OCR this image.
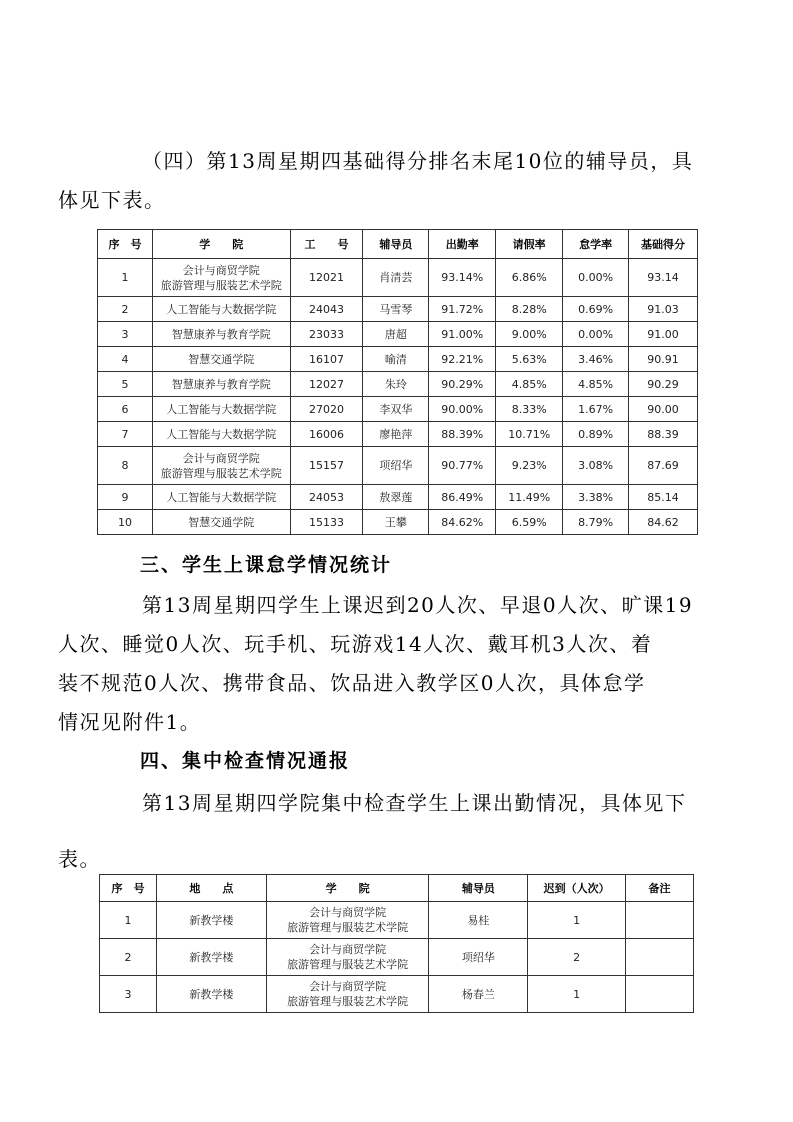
（四）第13周星期四基础得分排名末尾10位的辅导员，具
体见下表。

序　号	学　　院	工　　号	辅导员	出勤率	请假率	怠学率	基础得分
1	会计与商贸学院
旅游管理与服装艺术学院	12021	肖清芸	93.14%	6.86%	0.00%	93.14
2	人工智能与大数据学院	24043	马雪琴	91.72%	8.28%	0.69%	91.03
3	智慧康养与教育学院	23033	唐超	91.00%	9.00%	0.00%	91.00
4	智慧交通学院	16107	喻清	92.21%	5.63%	3.46%	90.91
5	智慧康养与教育学院	12027	朱玲	90.29%	4.85%	4.85%	90.29
6	人工智能与大数据学院	27020	李双华	90.00%	8.33%	1.67%	90.00
7	人工智能与大数据学院	16006	廖艳萍	88.39%	10.71%	0.89%	88.39
8	会计与商贸学院
旅游管理与服装艺术学院	15157	项绍华	90.77%	9.23%	3.08%	87.69
9	人工智能与大数据学院	24053	敖翠莲	86.49%	11.49%	3.38%	85.14
10	智慧交通学院	15133	王攀	84.62%	6.59%	8.79%	84.62
三、学生上课怠学情况统计

第13周星期四学生上课迟到20人次、早退0人次、旷课19
人次、睡觉0人次、玩手机、玩游戏14人次、戴耳机3人次、着
装不规范0人次、携带食品、饮品进入教学区0人次，具体怠学
情况见附件1。

四、集中检查情况通报

第13周星期四学院集中检查学生上课出勤情况，具体见下
表。

序　号	地　　点	学　　院	辅导员	迟到（人次）	备注
1	新教学楼	会计与商贸学院
旅游管理与服装艺术学院	易桂	1	
2	新教学楼	会计与商贸学院
旅游管理与服装艺术学院	项绍华	2	
3	新教学楼	会计与商贸学院
旅游管理与服装艺术学院	杨春兰	1	
